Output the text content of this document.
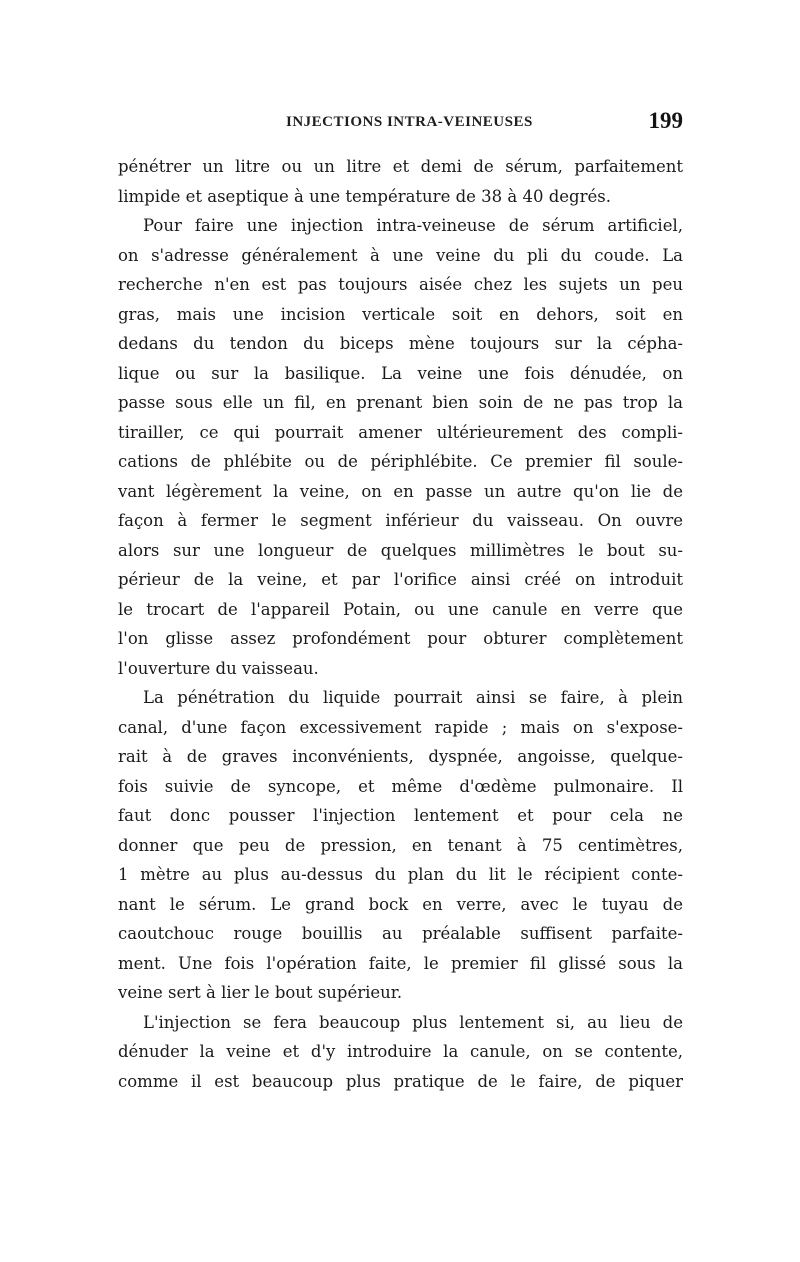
INJECTIONS INTRA-VEINEUSES	199

pénétrer un litre ou un litre et demi de sérum, parfaitement
limpide et aseptique à une température de 38 à 40 degrés.

Pour faire une injection intra-veineuse de sérum artificiel,
on s'adresse généralement à une veine du pli du coude. La
recherche n'en est pas toujours aisée chez les sujets un peu
gras, mais une incision verticale soit en dehors, soit en
dedans du tendon du biceps mène toujours sur la cépha-
lique ou sur la basilique. La veine une fois dénudée, on
passe sous elle un fil, en prenant bien soin de ne pas trop la
tirailler, ce qui pourrait amener ultérieurement des compli-
cations de phlébite ou de périphlébite. Ce premier fil soule-
vant légèrement la veine, on en passe un autre qu'on lie de
façon à fermer le segment inférieur du vaisseau. On ouvre
alors sur une longueur de quelques millimètres le bout su-
périeur de la veine, et par l'orifice ainsi créé on introduit
le trocart de l'appareil Potain, ou une canule en verre que
l'on glisse assez profondément pour obturer complètement
l'ouverture du vaisseau.

La pénétration du liquide pourrait ainsi se faire, à plein
canal, d'une façon excessivement rapide ; mais on s'expose-
rait à de graves inconvénients, dyspnée, angoisse, quelque-
fois suivie de syncope, et même d'œdème pulmonaire. Il
faut donc pousser l'injection lentement et pour cela ne
donner que peu de pression, en tenant à 75 centimètres,
1 mètre au plus au-dessus du plan du lit le récipient conte-
nant le sérum. Le grand bock en verre, avec le tuyau de
caoutchouc rouge bouillis au préalable suffisent parfaite-
ment. Une fois l'opération faite, le premier fil glissé sous la
veine sert à lier le bout supérieur.

L'injection se fera beaucoup plus lentement si, au lieu de
dénuder la veine et d'y introduire la canule, on se contente,
comme il est beaucoup plus pratique de le faire, de piquer
